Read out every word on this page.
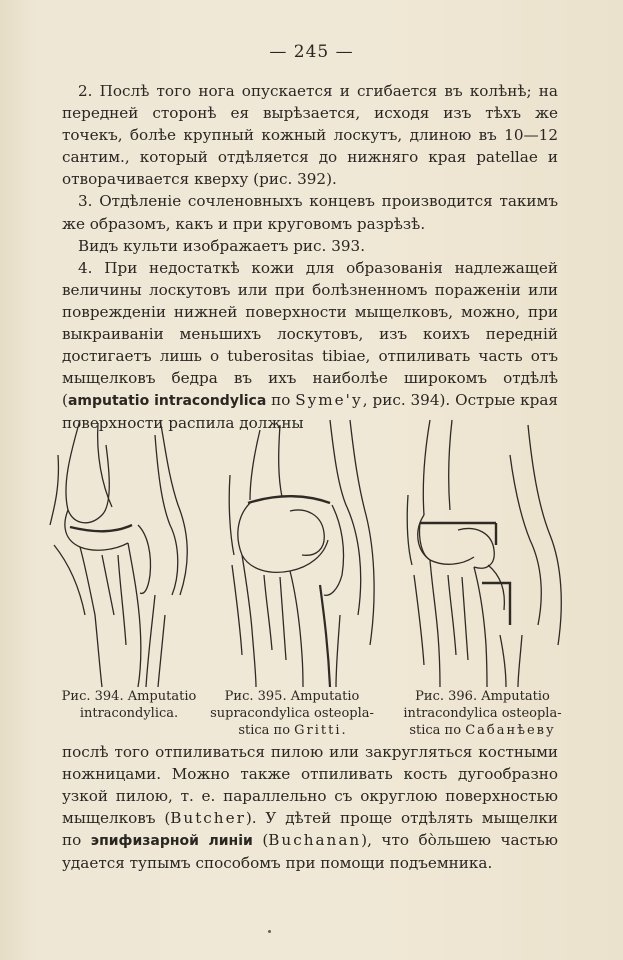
— 245 —

2. Послѣ того нога опускается и сгибается въ колѣнѣ; на передней сторонѣ ея вырѣзается, исходя изъ тѣхъ же точекъ, болѣе крупный кожный лоскутъ, длиною въ 10—12 сантим., который отдѣляется до нижняго края patellae и отворачивается кверху (рис. 392).

3. Отдѣленіе сочленовныхъ концевъ производится такимъ же образомъ, какъ и при круговомъ разрѣзѣ.

Видъ культи изображаетъ рис. 393.

4. При недостаткѣ кожи для образованія надлежащей величины лоскутовъ или при болѣзненномъ пораженіи или поврежденіи нижней поверхности мыщелковъ, можно, при выкраиваніи меньшихъ лоскутовъ, изъ коихъ передній достигаетъ лишь о tuberositas tibiae, отпиливать часть отъ мыщелковъ бедра въ ихъ наиболѣе широкомъ отдѣлѣ (amputatio intracondylica по Syme'у, рис. 394). Острые края поверхности распила должны

Рис. 394. Amputatio
intracondylica.
Рис. 395. Amputatio
supracondylica osteopla-
stica по Gritti.
Рис. 396. Amputatio
intracondylica osteopla-
stica по Сабанѣеву

послѣ того отпиливаться пилою или закругляться костными ножницами. Можно также отпиливать кость дугообразно узкой пилою, т. е. параллельно съ округлою поверхностью мыщелковъ (Butcher). У дѣтей проще отдѣлять мыщелки по эпифизарной линіи (Buchanan), что бо̀льшею частью удается тупымъ способомъ при помощи подъемника.
